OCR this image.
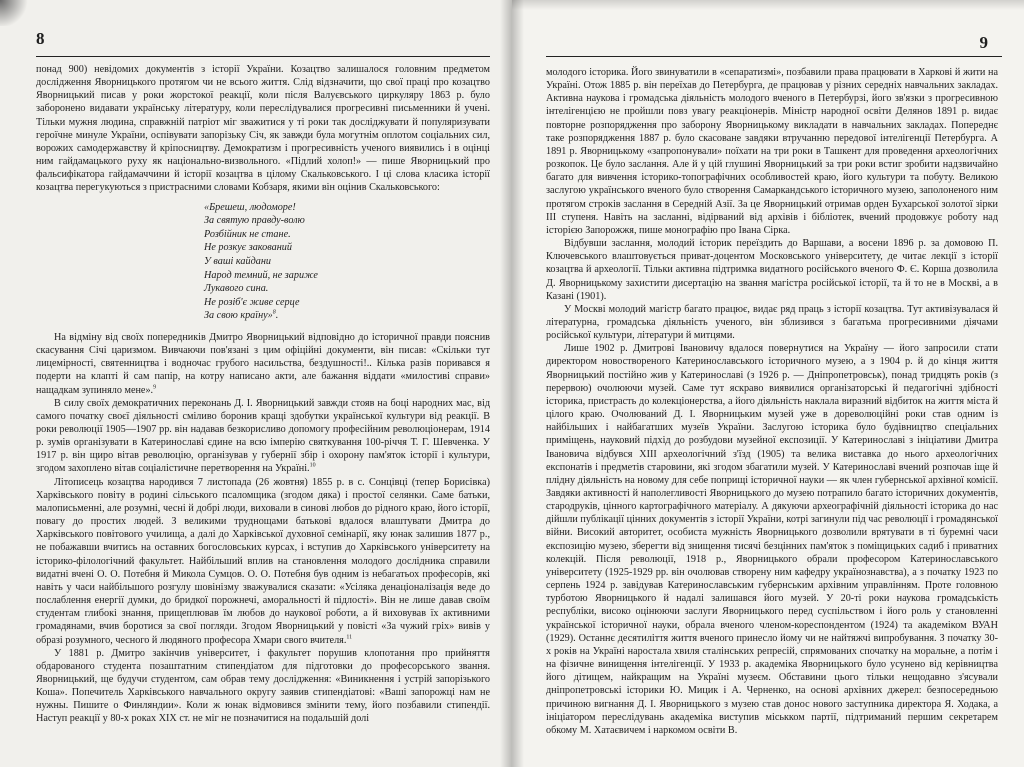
8

понад 900) невідомих документів з історії України. Козацтво залишалося головним предметом дослідження Яворницького протягом чи не всього життя. Слід відзначити, що свої праці про козацтво Яворницький писав у роки жорстокої реакції, коли після Валуєвського циркуляру 1863 р. було заборонено видавати українську літературу, коли переслідувалися прогресивні письменники й учені. Тільки мужня людина, справжній патріот міг зважитися у ті роки так досліджувати й популяризувати героїчне минуле України, оспівувати запорізьку Січ, як завжди була могутнім оплотом соціальних сил, ворожих самодержавству й кріпосництву. Демократизм і прогресивність ученого виявились і в оцінці ним гайдамацького руху як національно-визвольного. «Підлий холоп!» — пише Яворницький про фальсифікатора гайдамаччини й історії козацтва в цілому Скальковського. І ці слова класика історії козацтва перегукуються з пристрасними словами Кобзаря, якими він оцінив Скальковського:

«Брешеш, людоморе!
За святую правду-волю
Розбійник не стане.
Не розкує закований
У ваші кайдани
Народ темний, не зариже
Лукавого сина.
Не розіб'є живе серце
За свою країну»$^8$.

На відміну від своїх попередників Дмитро Яворницький відповідно до історичної правди пояснив скасування Січі царизмом. Вивчаючи пов'язані з цим офіційні документи, він писав: «Скільки тут лицемірності, святенництва і водночас грубого насильства, бездушності!.. Кілька разів поривався я подерти на клапті й сам папір, на котру написано акти, але бажання віддати «милостиві справи» нащадкам зупиняло мене».$^9$

В силу своїх демократичних переконань Д. І. Яворницький завжди стояв на боці народних мас, від самого початку своєї діяльності сміливо боронив кращі здобутки української культури від реакції. В роки революції 1905—1907 рр. він надавав безкорисливо допомогу професійним революціонерам, 1914 р. зумів організувати в Катеринославі єдине на всю імперію святкування 100-річчя Т. Г. Шевченка. У 1917 р. він щиро вітав революцію, організував у губернії збір і охорону пам'яток історії і культури, згодом захоплено вітав соціалістичне перетворення на Україні.$^{10}$

Літописець козацтва народився 7 листопада (26 жовтня) 1855 р. в с. Сонцівці (тепер Борисівка) Харківського повіту в родині сільського псаломщика (згодом дяка) і простої селянки. Саме батьки, малописьменні, але розумні, чесні й добрі люди, виховали в синові любов до рідного краю, його історії, повагу до простих людей. З великими труднощами батькові вдалося влаштувати Дмитра до Харківського повітового училища, а далі до Харківської духовної семінарії, яку юнак залишив 1877 р., не побажавши вчитись на оставних богословських курсах, і вступив до Харківського університету на історико-філологічний факультет. Найбільший вплив на становлення молодого дослідника справили видатні вчені О. О. Потебня й Микола Сумцов. О. О. Потебня був одним із небагатьох професорів, які навіть у часи найбільшого розгулу шовінізму зважувалися сказати: «Усіляка денаціоналізація веде до послаблення енергії думки, до бридкої порожнечі, аморальності й підлості». Він не лише давав своїм студентам глибокі знання, прищеплював їм любов до наукової роботи, а й виховував їх активними громадянами, вчив боротися за свої погляди. Згодом Яворницький у повісті «За чужий гріх» вивів у образі розумного, чесного й людяного професора Хмари свого вчителя.$^{11}$

У 1881 р. Дмитро закінчив університет, і факультет порушив клопотання про прийняття обдарованого студента позаштатним стипендіатом для підготовки до професорського звання. Яворницький, ще будучи студентом, сам обрав тему дослідження: «Виникнення і устрій запорізького Коша». Попечитель Харківського навчального округу заявив стипендіатові: «Ваші запорожці нам не нужны. Пишите о Финляндии». Коли ж юнак відмовився змінити тему, його позбавили стипендії. Наступ реакції у 80-х роках XIX ст. не міг не позначитися на подальшій долі

9

молодого історика. Його звинуватили в «сепаратизмі», позбавили права працювати в Харкові й жити на Україні. Отож 1885 р. він переїхав до Петербурга, де працював у різних середніх навчальних закладах. Активна наукова і громадська діяльність молодого вченого в Петербурзі, його зв'язки з прогресивною інтелігенцією не пройшли повз увагу реакціонерів. Міністр народної освіти Делянов 1891 р. видає повторне розпорядження про заборону Яворницькому викладати в навчальних закладах. Попереднє таке розпорядження 1887 р. було скасоване завдяки втручанню передової інтелігенції Петербурга. А 1891 р. Яворницькому «запропонували» поїхати на три роки в Ташкент для проведення археологічних розкопок. Це було заслання. Але й у цій глушині Яворницький за три роки встиг зробити надзвичайно багато для вивчення історико-топографічних особливостей краю, його культури та побуту. Великою заслугою українського вченого було створення Самаркандського історичного музею, заполоненого ним протягом строків заслання в Середній Азії. За це Яворницький отримав орден Бухарської золотої зірки III ступеня. Навіть на засланні, відірваний від архівів і бібліотек, вчений продовжує роботу над історією Запорожжя, пише монографію про Івана Сірка.

Відбувши заслання, молодий історик переїздить до Варшави, а восени 1896 р. за домовою П. Ключевського влаштовується приват-доцентом Московського університету, де читає лекції з історії козацтва й археології. Тільки активна підтримка видатного російського вченого Ф. Є. Корша дозволила Д. Яворницькому захистити дисертацію на звання магістра російської історії, та й то не в Москві, а в Казані (1901).

У Москві молодий магістр багато працює, видає ряд праць з історії козацтва. Тут активізувалася й літературна, громадська діяльність ученого, він зблизився з багатьма прогресивними діячами російської культури, літератури й митцями.

Лише 1902 р. Дмитрові Івановичу вдалося повернутися на Україну — його запросили стати директором новоствореного Катеринославського історичного музею, а з 1904 р. й до кінця життя Яворницький постійно жив у Катеринославі (з 1926 р. — Дніпропетровськ), понад тридцять років (з перервою) очолюючи музей. Саме тут яскраво виявилися організаторські й педагогічні здібності історика, пристрасть до колекціонерства, а його діяльність наклала виразний відбиток на життя міста й цілого краю. Очолюваний Д. І. Яворницьким музей уже в дореволюційні роки став одним із найбільших і найбагатших музеїв України. Заслугою історика було будівництво спеціальних приміщень, науковий підхід до розбудови музейної експозиції. У Катеринославі з ініціативи Дмитра Івановича відбувся XIII археологічний з'їзд (1905) та велика виставка до нього археологічних експонатів і предметів старовини, які згодом збагатили музей. У Катеринославі вчений розпочав іще й плідну діяльність на новому для себе поприщі історичної науки — як член губернської архівної комісії. Завдяки активності й наполегливості Яворницького до музею потрапило багато історичних документів, стародруків, цінного картографічного матеріалу. А дякуючи археографічній діяльності історика до нас дійшли публікації цінних документів з історії України, котрі загинули під час революції і громадянської війни. Високий авторитет, особиста мужність Яворницького дозволили врятувати в ті буремні часи експозицію музею, зберегти від знищення тисячі безцінних пам'яток з поміщицьких садиб і приватних колекцій. Після революції, 1918 р., Яворницького обрали професором Катеринославського університету (1925-1929 рр. він очолював створену ним кафедру українознавства), а з початку 1923 по серпень 1924 р. завідував Катеринославським губернським архівним управлінням. Проте головною турботою Яворницького й надалі залишався його музей. У 20-ті роки наукова громадськість республіки, високо оцінюючи заслуги Яворницького перед суспільством і його роль у становленні української історичної науки, обрала вченого членом-кореспондентом (1924) та академіком ВУАН (1929). Останнє десятиліття життя вченого принесло йому чи не найтяжчі випробування. З початку 30-х років на Україні наростала хвиля сталінських репресій, спрямованих спочатку на моральне, а потім і на фізичне винищення інтелігенції. У 1933 р. академіка Яворницького було усунено від керівництва його дітищем, найкращим на Україні музеєм. Обставини цього тільки нещодавно з'ясували дніпропетровські історики Ю. Мицик і А. Черненко, на основі архівних джерел: безпосередньою причиною вигнання Д. І. Яворницького з музею став донос нового заступника директора Я. Ходака, а ініціатором переслідувань академіка виступив міськком партії, підтриманий першим секретарем обкому М. Хатаєвичем і наркомом освіти В.
